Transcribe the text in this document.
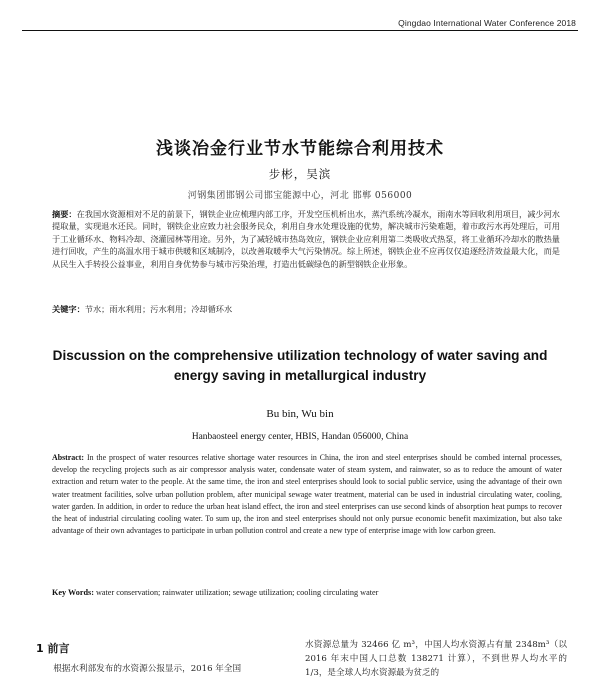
Qingdao International Water Conference 2018
浅谈冶金行业节水节能综合利用技术
步彬，吴滨
河钢集团邯钢公司邯宝能源中心，河北 邯郸 056000
摘要：在我国水资源相对不足的前景下，钢铁企业应梳理内部工序，开发空压机析出水，蒸汽系统冷凝水，雨南水等回收利用项目，减少河水提取量，实现退水还民。同时，钢铁企业应致力社会服务民众，利用自身水处理设施的优势，解决城市污染难题，着市政污水再处理后，可用于工业循环水、物料冷却、浇灌园林等用途。另外，为了减轻城市热岛效应，钢铁企业应利用第二类吸收式热泵，将工业循环冷却水的散热量进行回收，产生的高温水用于城市供暖和区域制冷，以改善取暖季大气污染情况。综上所述，钢铁企业不应再仅仅追逐经济效益最大化，而是从民生入手转投公益事业，利用自身优势参与城市污染治理，打造出低碳绿色的新型钢铁企业形象。
关键字：节水；雨水利用；污水利用；冷却循环水
Discussion on the comprehensive utilization technology of water saving and energy saving in metallurgical industry
Bu bin, Wu bin
Hanbaosteel energy center, HBIS, Handan 056000, China
Abstract: In the prospect of water resources relative shortage water resources in China, the iron and steel enterprises should be combed internal processes, develop the recycling projects such as air compressor analysis water, condensate water of steam system, and rainwater, so as to reduce the amount of water extraction and return water to the people. At the same time, the iron and steel enterprises should look to social public service, using the advantage of their own water treatment facilities, solve urban pollution problem, after municipal sewage water treatment, material can be used in industrial circulating water, cooling, water garden. In addition, in order to reduce the urban heat island effect, the iron and steel enterprises can use second kinds of absorption heat pumps to recover the heat of industrial circulating cooling water. To sum up, the iron and steel enterprises should not only pursue economic benefit maximization, but also take advantage of their own advantages to participate in urban pollution control and create a new type of enterprise image with low carbon green.
Key Words: water conservation; rainwater utilization; sewage utilization; cooling circulating water
1 前言
根据水利部发布的水资源公报显示，2016 年全国
水资源总量为 32466 亿 m³，中国人均水资源占有量 2348m³（以 2016 年末中国人口总数 138271 计算），不到世界人均水平的 1/3，是全球人均水资源最为贫乏的
